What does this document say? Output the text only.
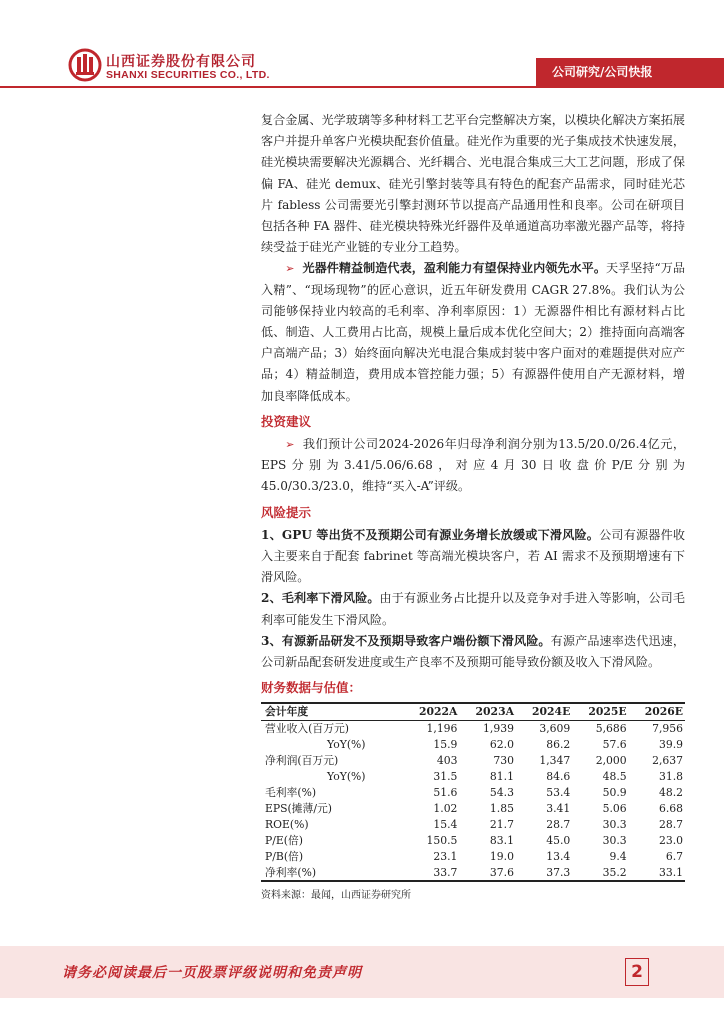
山西证券股份有限公司
SHANXI SECURITIES CO., LTD.	公司研究/公司快报

复合金属、光学玻璃等多种材料工艺平台完整解决方案，以模块化解决方案拓展客户并提升单客户光模块配套价值量。硅光作为重要的光子集成技术快速发展，硅光模块需要解决光源耦合、光纤耦合、光电混合集成三大工艺问题，形成了保偏 FA、硅光 demux、硅光引擎封装等具有特色的配套产品需求，同时硅光芯片 fabless 公司需要光引擎封测环节以提高产品通用性和良率。公司在研项目包括各种 FA 器件、硅光模块特殊光纤器件及单通道高功率激光器产品等，将持续受益于硅光产业链的专业分工趋势。

➢ 光器件精益制造代表，盈利能力有望保持业内领先水平。天孚坚持“万品入精”、“现场现物”的匠心意识，近五年研发费用 CAGR 27.8%。我们认为公司能够保持业内较高的毛利率、净利率原因：1）无源器件相比有源材料占比低、制造、人工费用占比高，规模上量后成本优化空间大；2）推持面向高端客户高端产品；3）始终面向解决光电混合集成封装中客户面对的难题提供对应产品；4）精益制造，费用成本管控能力强；5）有源器件使用自产无源材料，增加良率降低成本。

投资建议

➢ 我们预计公司2024-2026年归母净利润分别为13.5/20.0/26.4亿元，EPS分别为3.41/5.06/6.68，对应4月30日收盘价P/E分别为45.0/30.3/23.0，维持“买入-A”评级。

风险提示

1、GPU 等出货不及预期公司有源业务增长放缓或下滑风险。公司有源器件收入主要来自于配套 fabrinet 等高端光模块客户，若 AI 需求不及预期增速有下滑风险。

2、毛利率下滑风险。由于有源业务占比提升以及竞争对手进入等影响，公司毛利率可能发生下滑风险。

3、有源新品研发不及预期导致客户端份额下滑风险。有源产品速率迭代迅速，公司新品配套研发进度或生产良率不及预期可能导致份额及收入下滑风险。

财务数据与估值：
会计年度	2022A	2023A	2024E	2025E	2026E
营业收入(百万元)	1,196	1,939	3,609	5,686	7,956
YoY(%)	15.9	62.0	86.2	57.6	39.9
净利润(百万元)	403	730	1,347	2,000	2,637
YoY(%)	31.5	81.1	84.6	48.5	31.8
毛利率(%)	51.6	54.3	53.4	50.9	48.2
EPS(摊薄/元)	1.02	1.85	3.41	5.06	6.68
ROE(%)	15.4	21.7	28.7	30.3	28.7
P/E(倍)	150.5	83.1	45.0	30.3	23.0
P/B(倍)	23.1	19.0	13.4	9.4	6.7
净利率(%)	33.7	37.6	37.3	35.2	33.1
资料来源：最闻，山西证券研究所
请务必阅读最后一页股票评级说明和免责声明	2
